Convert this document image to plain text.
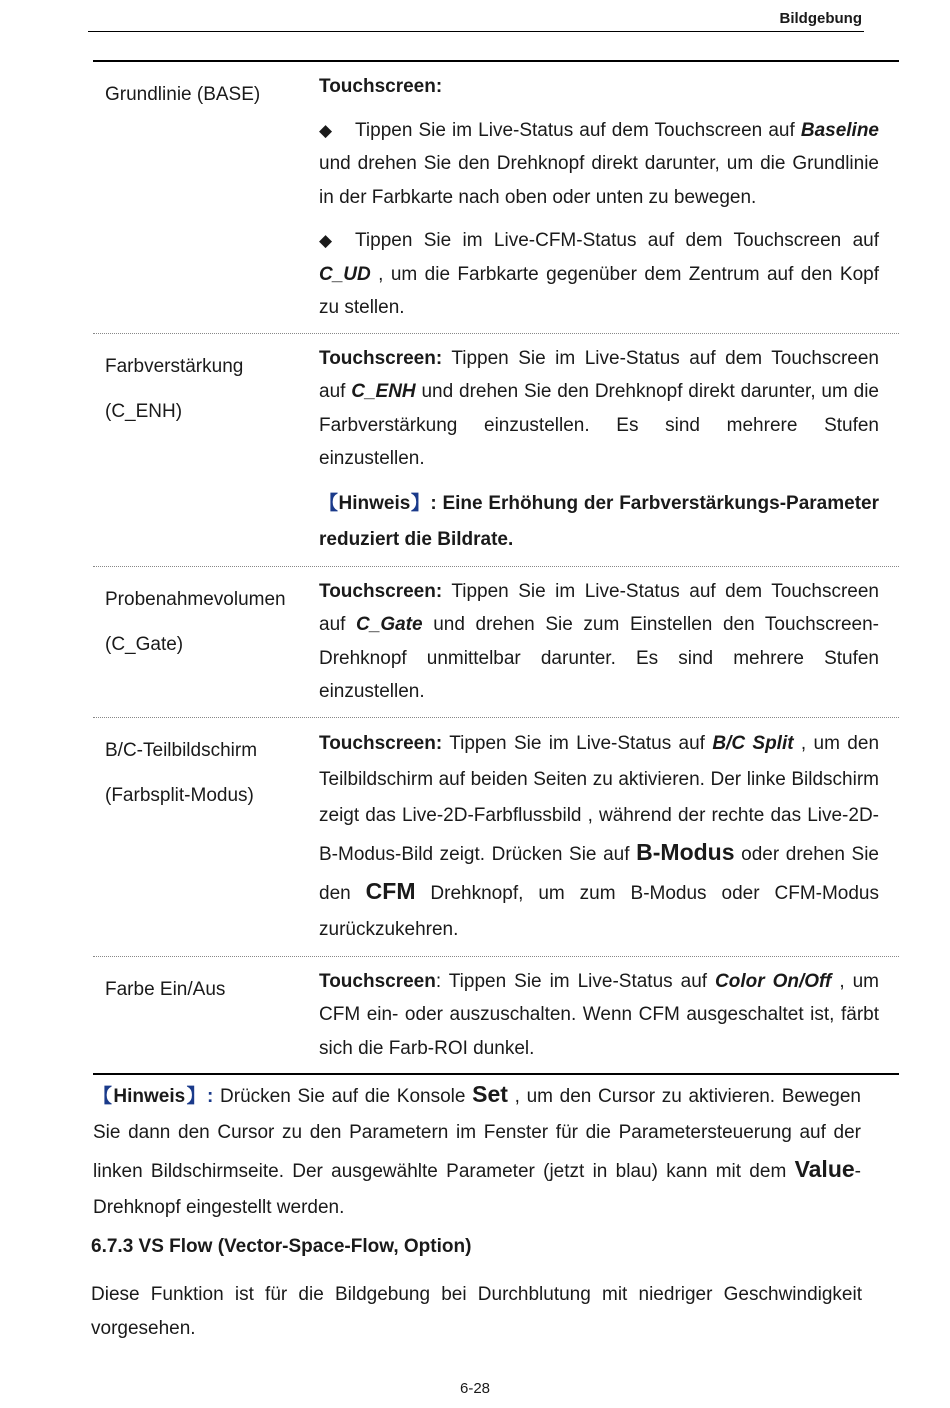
Bildgebung
Grundlinie (BASE)	Touchscreen:

◆ Tippen Sie im Live-Status auf dem Touchscreen auf Baseline und drehen Sie den Drehknopf direkt darunter, um die Grundlinie in der Farbkarte nach oben oder unten zu bewegen.

◆ Tippen Sie im Live-CFM-Status auf dem Touchscreen auf C_UD , um die Farbkarte gegenüber dem Zentrum auf den Kopf zu stellen.

Farbverstärkung
(C_ENH)

Touchscreen: Tippen Sie im Live-Status auf dem Touchscreen auf C_ENH und drehen Sie den Drehknopf direkt darunter, um die Farbverstärkung einzustellen. Es sind mehrere Stufen einzustellen.

【Hinweis】: Eine Erhöhung der Farbverstärkungs-Parameter reduziert die Bildrate.

Probenahmevolumen
(C_Gate)

Touchscreen: Tippen Sie im Live-Status auf dem Touchscreen auf C_Gate und drehen Sie zum Einstellen den Touchscreen-Drehknopf unmittelbar darunter. Es sind mehrere Stufen einzustellen.

B/C-Teilbildschirm
(Farbsplit-Modus)

Touchscreen: Tippen Sie im Live-Status auf B/C Split , um den Teilbildschirm auf beiden Seiten zu aktivieren. Der linke Bildschirm zeigt das Live-2D-Farbflussbild , während der rechte das Live-2D-B-Modus-Bild zeigt. Drücken Sie auf B-Modus oder drehen Sie den CFM Drehknopf, um zum B-Modus oder CFM-Modus zurückzukehren.

Farbe Ein/Aus	Touchscreen: Tippen Sie im Live-Status auf Color On/Off , um CFM ein- oder auszuschalten. Wenn CFM ausgeschaltet ist, färbt sich die Farb-ROI dunkel.

【Hinweis】: Drücken Sie auf die Konsole Set , um den Cursor zu aktivieren. Bewegen Sie dann den Cursor zu den Parametern im Fenster für die Parametersteuerung auf der linken Bildschirmseite. Der ausgewählte Parameter (jetzt in blau) kann mit dem Value-Drehknopf eingestellt werden.
6.7.3 VS Flow (Vector-Space-Flow, Option)
Diese Funktion ist für die Bildgebung bei Durchblutung mit niedriger Geschwindigkeit vorgesehen.
6-28
